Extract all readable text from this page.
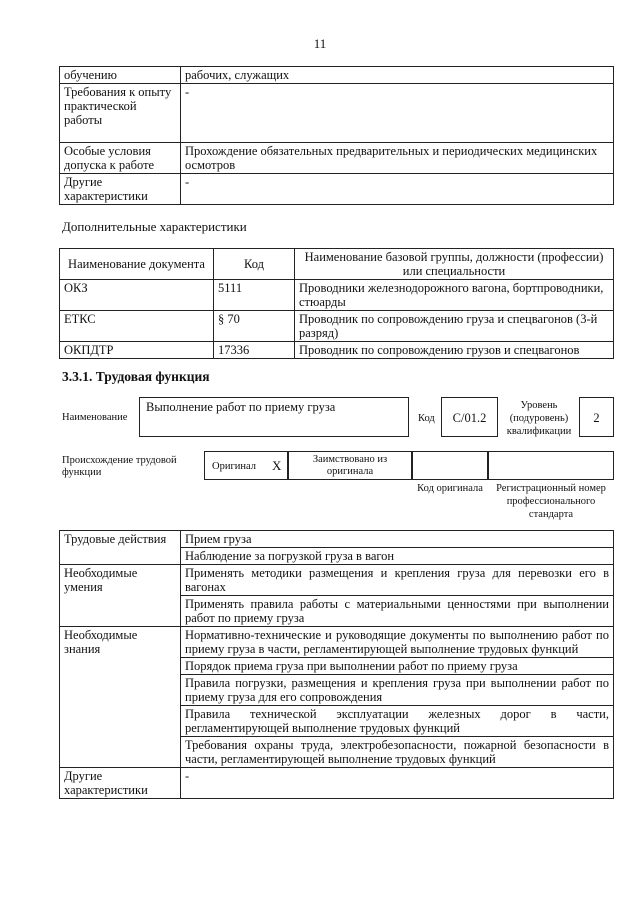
11
обучению	рабочих, служащих
Требования к опыту практической работы	-
Особые условия допуска к работе	Прохождение обязательных предварительных и периодических медицинских осмотров
Другие характеристики	-
Дополнительные характеристики
Наименование документа	Код	Наименование базовой группы, должности (профессии) или специальности
ОКЗ	5111	Проводники железнодорожного вагона, бортпроводники, стюарды
ЕТКС	§ 70	Проводник по сопровождению груза и спецвагонов (3-й разряд)
ОКПДТР	17336	Проводник по сопровождению грузов и спецвагонов
3.3.1. Трудовая функция
Наименование
Выполнение работ по приему груза
Код	С/01.2
Уровень (подуровень) квалификации
2
Происхождение трудовой функции
Оригинал X	Заимствовано из оригинала
Код оригинала	Регистрационный номер профессионального стандарта
Трудовые действия	Прием груза
	Наблюдение за погрузкой груза в вагон
Необходимые умения	Применять методики размещения и крепления груза для перевозки его в вагонах
	Применять правила работы с материальными ценностями при выполнении работ по приему груза
Необходимые знания	Нормативно-технические и руководящие документы по выполнению работ по приему груза в части, регламентирующей выполнение трудовых функций
	Порядок приема груза при выполнении работ по приему груза
	Правила погрузки, размещения и крепления груза при выполнении работ по приему груза для его сопровождения
	Правила технической эксплуатации железных дорог в части, регламентирующей выполнение трудовых функций
	Требования охраны труда, электробезопасности, пожарной безопасности в части, регламентирующей выполнение трудовых функций
Другие характеристики	-
